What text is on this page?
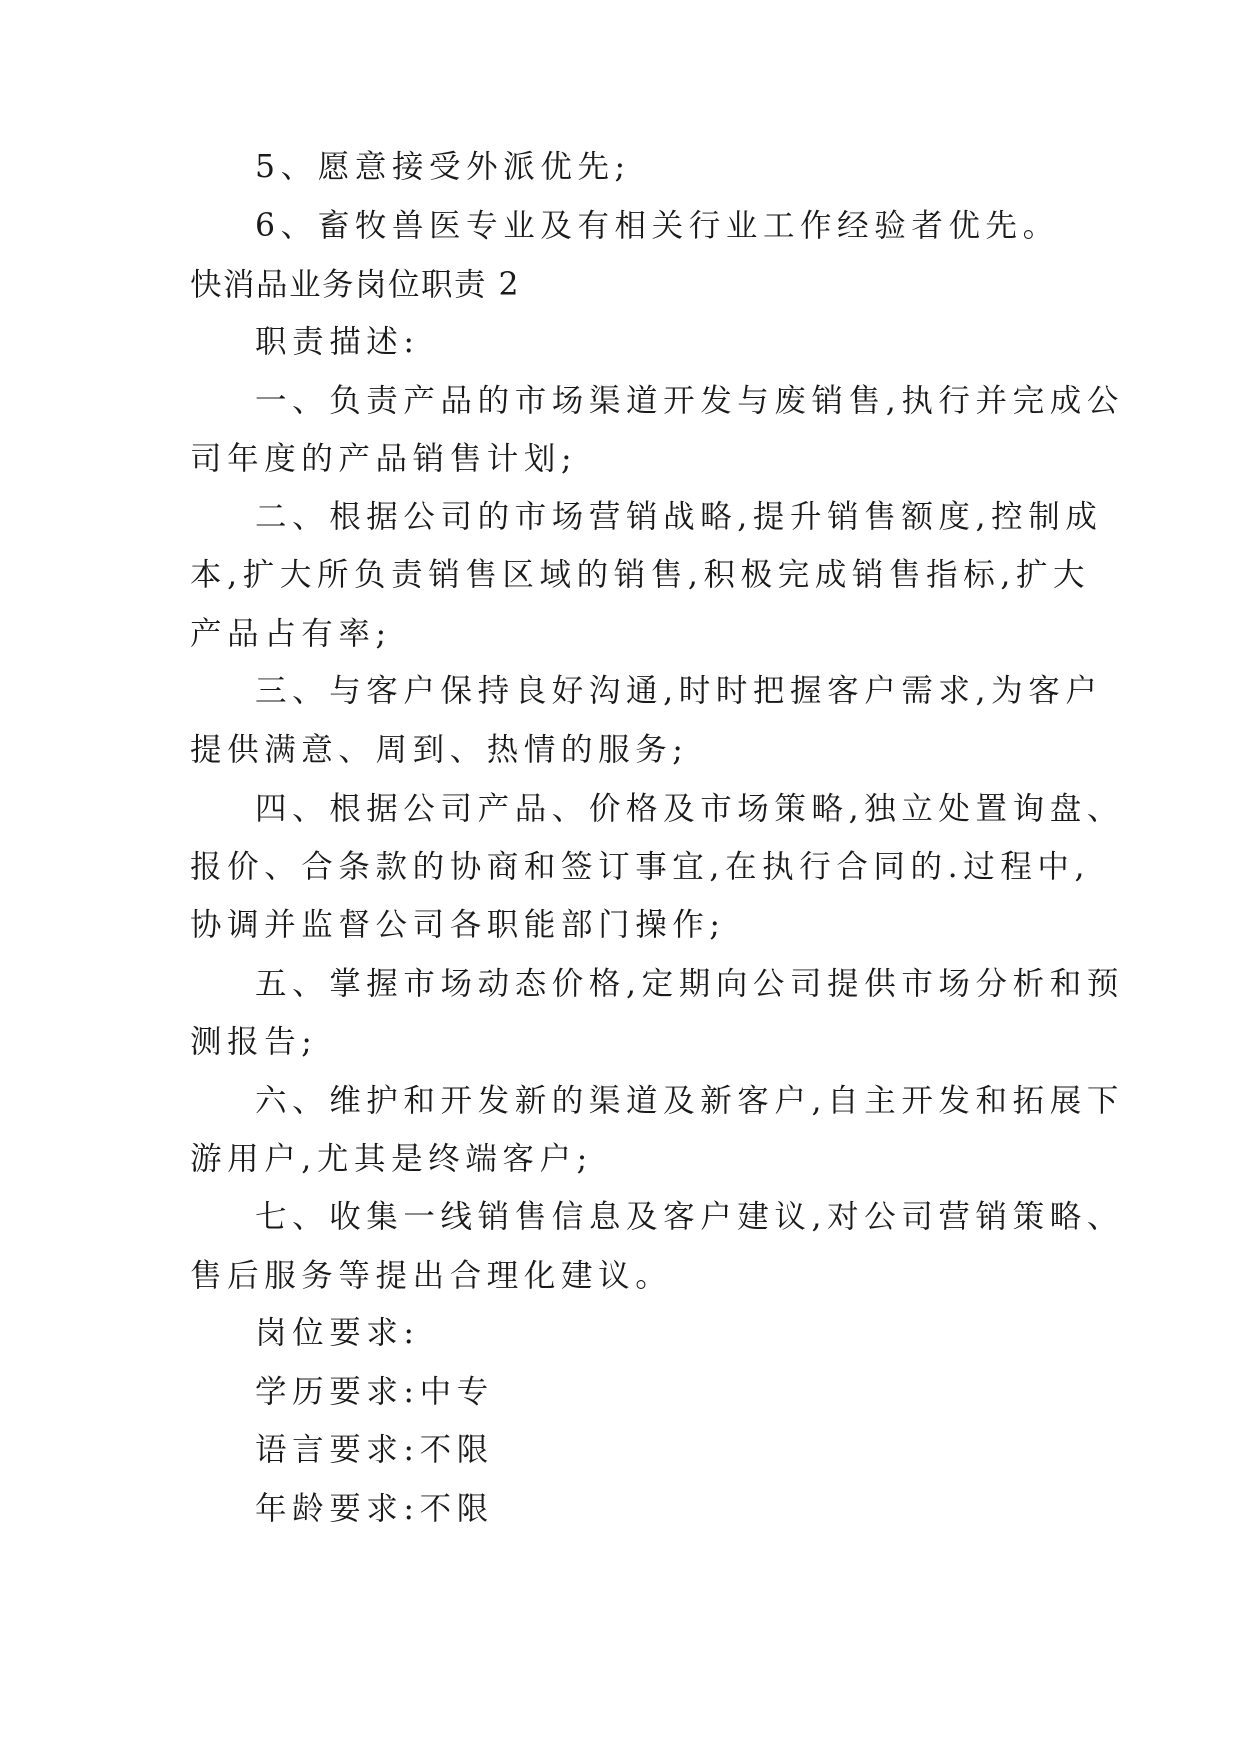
5、愿意接受外派优先;
6、畜牧兽医专业及有相关行业工作经验者优先。
快消品业务岗位职责 2
职责描述:
一、负责产品的市场渠道开发与废销售,执行并完成公
司年度的产品销售计划;
二、根据公司的市场营销战略,提升销售额度,控制成
本,扩大所负责销售区域的销售,积极完成销售指标,扩大
产品占有率;
三、与客户保持良好沟通,时时把握客户需求,为客户
提供满意、周到、热情的服务;
四、根据公司产品、价格及市场策略,独立处置询盘、
报价、合条款的协商和签订事宜,在执行合同的.过程中,
协调并监督公司各职能部门操作;
五、掌握市场动态价格,定期向公司提供市场分析和预
测报告;
六、维护和开发新的渠道及新客户,自主开发和拓展下
游用户,尤其是终端客户;
七、收集一线销售信息及客户建议,对公司营销策略、
售后服务等提出合理化建议。
岗位要求:
学历要求:中专
语言要求:不限
年龄要求:不限
